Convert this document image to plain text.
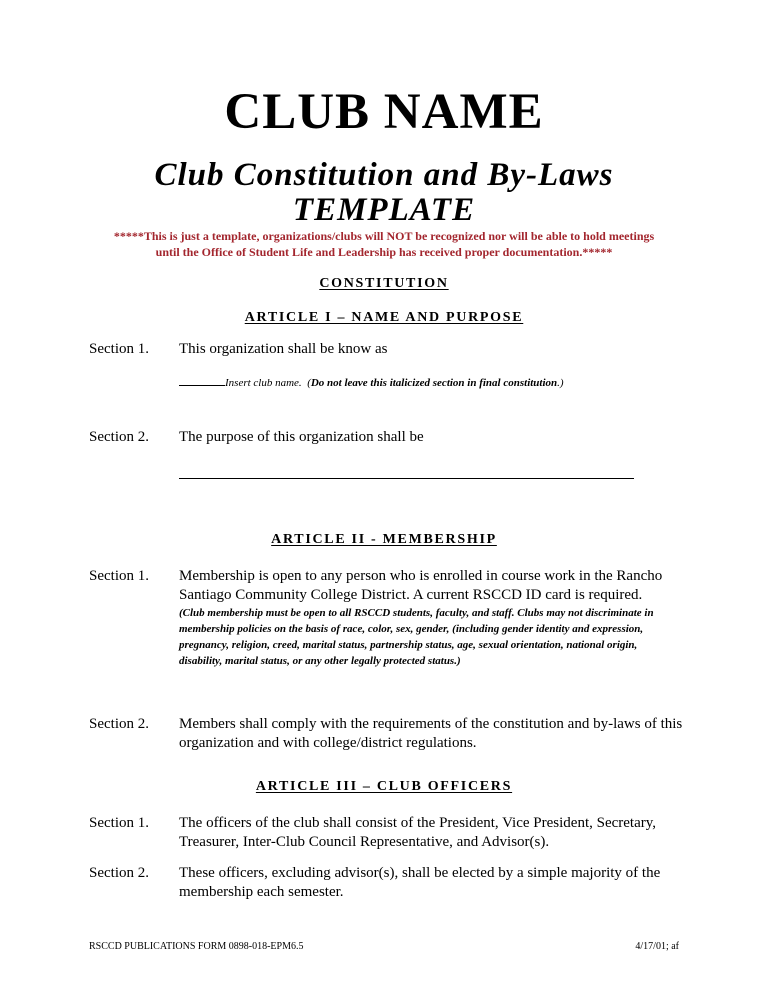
CLUB NAME
Club Constitution and By-Laws
TEMPLATE
*****This is just a template, organizations/clubs will NOT be recognized nor will be able to hold meetings
until the Office of Student Life and Leadership has received proper documentation.*****
CONSTITUTION
ARTICLE I – NAME AND PURPOSE
Section 1. This organization shall be know as
Insert club name.  (Do not leave this italicized section in final constitution.)
Section 2. The purpose of this organization shall be
ARTICLE II - MEMBERSHIP
Section 1. Membership is open to any person who is enrolled in course work in the Rancho Santiago Community College District. A current RSCCD ID card is required.
(Club membership must be open to all RSCCD students, faculty, and staff. Clubs may not discriminate in membership policies on the basis of race, color, sex, gender, (including gender identity and expression, pregnancy, religion, creed, marital status, partnership status, age, sexual orientation, national origin, disability, marital status, or any other legally protected status.)
Section 2. Members shall comply with the requirements of the constitution and by-laws of this organization and with college/district regulations.
ARTICLE III – CLUB OFFICERS
Section 1. The officers of the club shall consist of the President, Vice President, Secretary, Treasurer, Inter-Club Council Representative, and Advisor(s).
Section 2. These officers, excluding advisor(s), shall be elected by a simple majority of the membership each semester.
RSCCD PUBLICATIONS FORM 0898-018-EPM6.5	4/17/01; af
